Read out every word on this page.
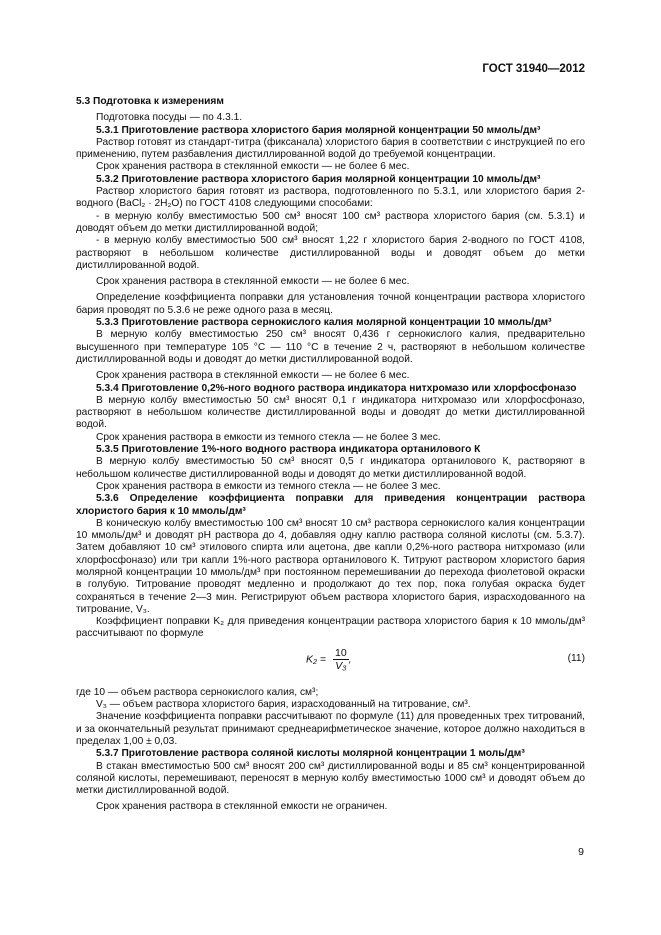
ГОСТ 31940—2012

5.3 Подготовка к измерениям

Подготовка посуды — по 4.3.1.

5.3.1 Приготовление раствора хлористого бария молярной концентрации 50 ммоль/дм³

Раствор готовят из стандарт-титра (фиксанала) хлористого бария в соответствии с инструкцией по его применению, путем разбавления дистиллированной водой до требуемой концентрации.

Срок хранения раствора в стеклянной емкости — не более 6 мес.

5.3.2 Приготовление раствора хлористого бария молярной концентрации 10 ммоль/дм³

Раствор хлористого бария готовят из раствора, подготовленного по 5.3.1, или хлористого бария 2-водного (BaCl₂ · 2H₂O) по ГОСТ 4108 следующими способами:

- в мерную колбу вместимостью 500 см³ вносят 100 см³ раствора хлористого бария (см. 5.3.1) и доводят объем до метки дистиллированной водой;

- в мерную колбу вместимостью 500 см³ вносят 1,22 г хлористого бария 2-водного по ГОСТ 4108, растворяют в небольшом количестве дистиллированной воды и доводят объем до метки дистиллированной водой.

Срок хранения раствора в стеклянной емкости — не более 6 мес.

Определение коэффициента поправки для установления точной концентрации раствора хлористого бария проводят по 5.3.6 не реже одного раза в месяц.

5.3.3 Приготовление раствора сернокислого калия молярной концентрации 10 ммоль/дм³

В мерную колбу вместимостью 250 см³ вносят 0,436 г сернокислого калия, предварительно высушенного при температуре 105 °С — 110 °С в течение 2 ч, растворяют в небольшом количестве дистиллированной воды и доводят до метки дистиллированной водой.

Срок хранения раствора в стеклянной емкости — не более 6 мес.

5.3.4 Приготовление 0,2%-ного водного раствора индикатора нитхромазо или хлорфосфоназо

В мерную колбу вместимостью 50 см³ вносят 0,1 г индикатора нитхромазо или хлорфосфоназо, растворяют в небольшом количестве дистиллированной воды и доводят до метки дистиллированной водой.

Срок хранения раствора в емкости из темного стекла — не более 3 мес.

5.3.5 Приготовление 1%-ного водного раствора индикатора ортанилового К

В мерную колбу вместимостью 50 см³ вносят 0,5 г индикатора ортанилового К, растворяют в небольшом количестве дистиллированной воды и доводят до метки дистиллированной водой.

Срок хранения раствора в емкости из темного стекла — не более 3 мес.

5.3.6 Определение коэффициента поправки для приведения концентрации раствора хлористого бария к 10 ммоль/дм³

В коническую колбу вместимостью 100 см³ вносят 10 см³ раствора сернокислого калия концентрации 10 ммоль/дм³ и доводят pH раствора до 4, добавляя одну каплю раствора соляной кислоты (см. 5.3.7). Затем добавляют 10 см³ этилового спирта или ацетона, две капли 0,2%-ного раствора нитхромазо (или хлорфосфоназо) или три капли 1%-ного раствора ортанилового К. Титруют раствором хлористого бария молярной концентрации 10 ммоль/дм³ при постоянном перемешивании до перехода фиолетовой окраски в голубую. Титрование проводят медленно и продолжают до тех пор, пока голубая окраска будет сохраняться в течение 2—3 мин. Регистрируют объем раствора хлористого бария, израсходованного на титрование, V₃.

Коэффициент поправки K₂ для приведения концентрации раствора хлористого бария к 10 ммоль/дм³ рассчитывают по формуле

$K_2 = \frac{10}{\text{V₃}}$ ,	(11)

где 10 — объем раствора сернокислого калия, см³;

V₃ — объем раствора хлористого бария, израсходованный на титрование, см³.

Значение коэффициента поправки рассчитывают по формуле (11) для проведенных трех титрований, и за окончательный результат принимают среднеарифметическое значение, которое должно находиться в пределах 1,00 ± 0,03.

5.3.7 Приготовление раствора соляной кислоты молярной концентрации 1 моль/дм³

В стакан вместимостью 500 см³ вносят 200 см³ дистиллированной воды и 85 см³ концентрированной соляной кислоты, перемешивают, переносят в мерную колбу вместимостью 1000 см³ и доводят объем до метки дистиллированной водой.

Срок хранения раствора в стеклянной емкости не ограничен.

9
